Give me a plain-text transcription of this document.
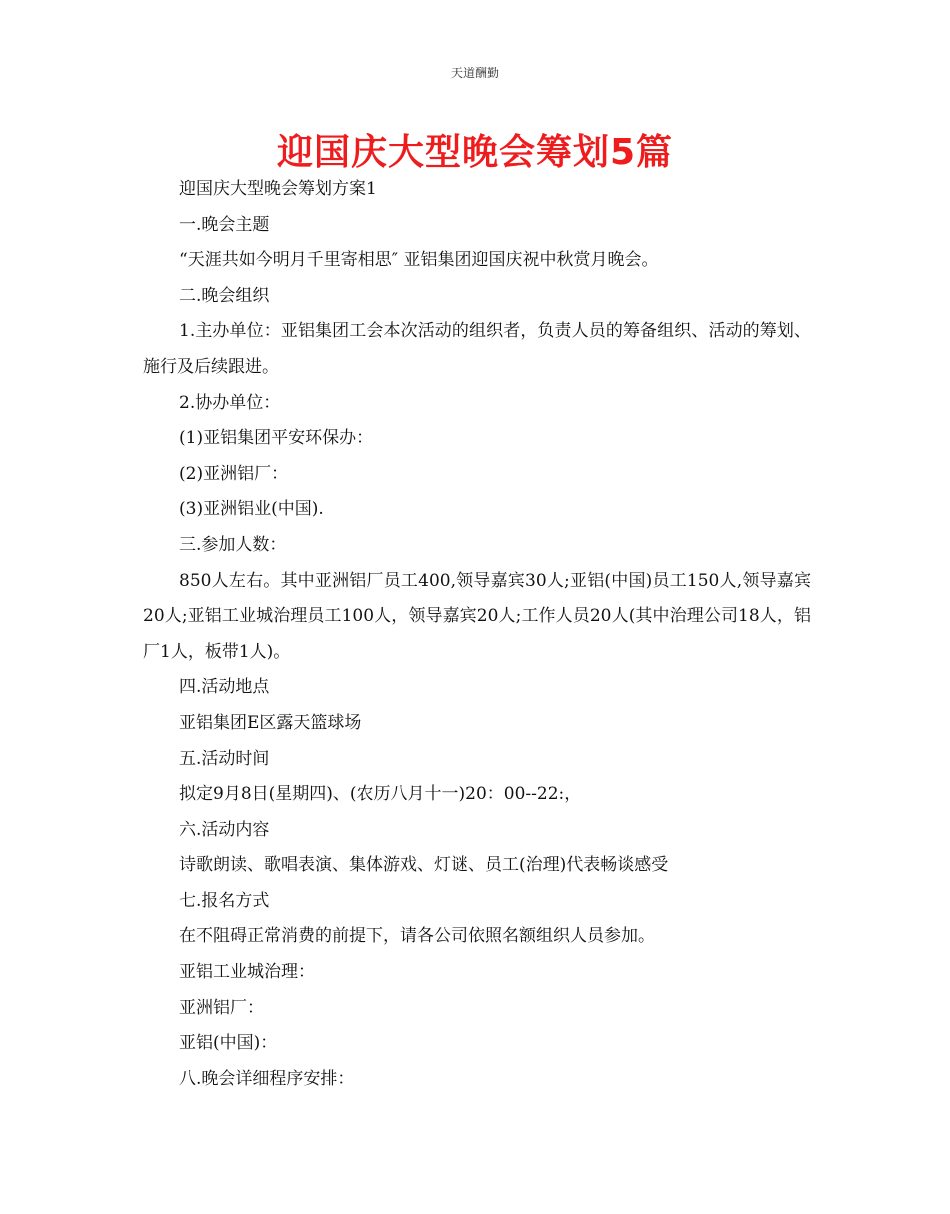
天道酬勤
迎国庆大型晚会筹划5篇

迎国庆大型晚会筹划方案1

一.晚会主题

“天涯共如今明月千里寄相思″ 亚铝集团迎国庆祝中秋赏月晚会。

二.晚会组织

1.主办单位：亚铝集团工会本次活动的组织者，负责人员的筹备组织、活动的筹划、施行及后续跟进。

2.协办单位：

(1)亚铝集团平安环保办：

(2)亚洲铝厂：

(3)亚洲铝业(中国).

三.参加人数：

850人左右。其中亚洲铝厂员工400,领导嘉宾30人;亚铝(中国)员工150人,领导嘉宾20人;亚铝工业城治理员工100人，领导嘉宾20人;工作人员20人(其中治理公司18人，铝厂1人，板带1人)。

四.活动地点

亚铝集团E区露天篮球场

五.活动时间

拟定9月8日(星期四)、(农历八月十一)20：00--22:，

六.活动内容

诗歌朗读、歌唱表演、集体游戏、灯谜、员工(治理)代表畅谈感受

七.报名方式

在不阻碍正常消费的前提下，请各公司依照名额组织人员参加。

亚铝工业城治理：

亚洲铝厂：

亚铝(中国)：

八.晚会详细程序安排：
